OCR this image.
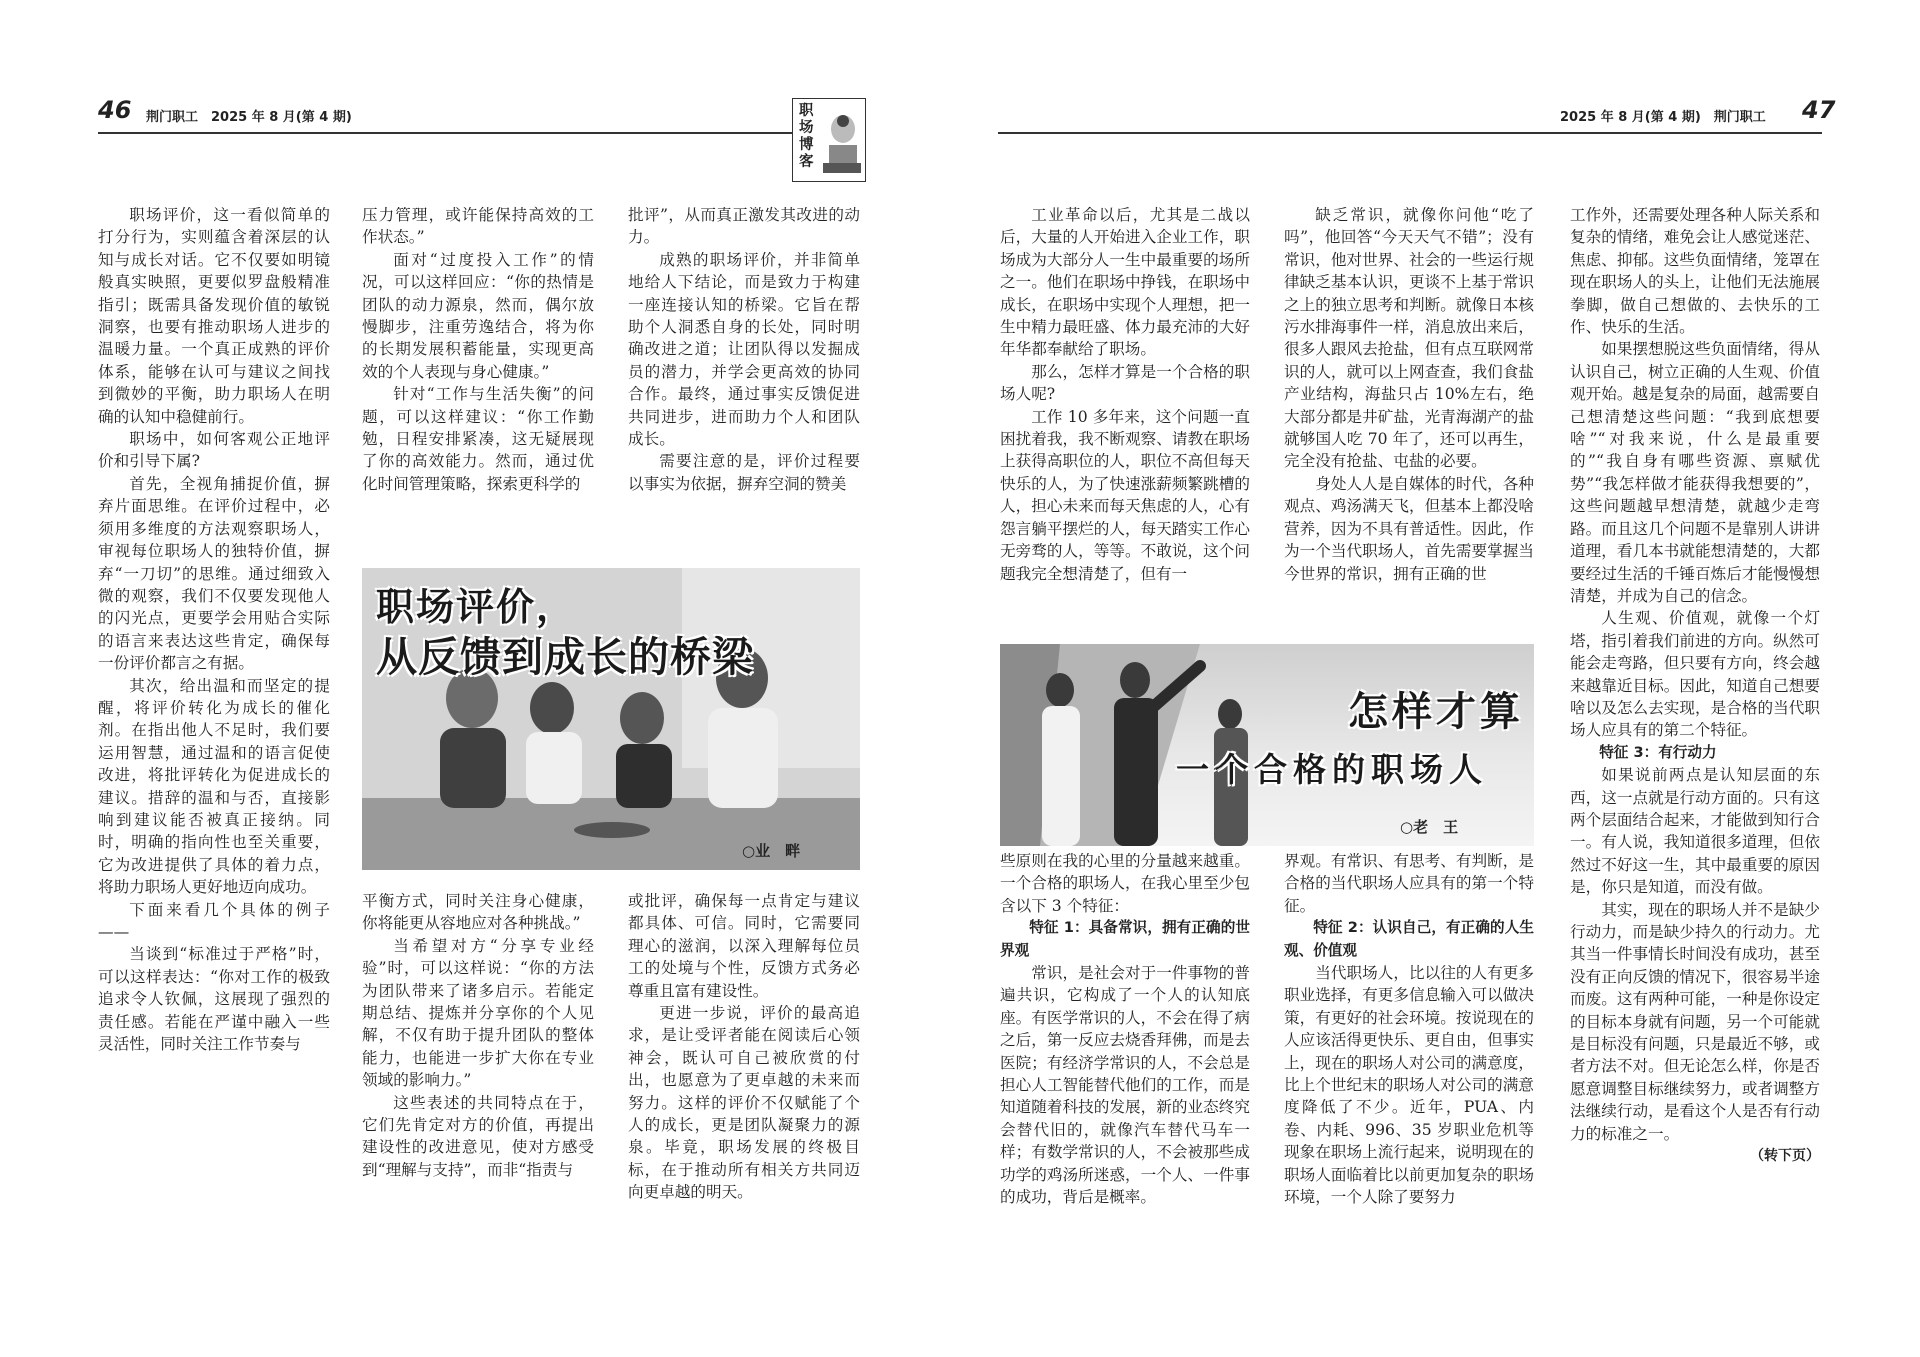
46 荆门职工　2025 年 8 月(第 4 期)	职场博客
2025 年 8 月(第 4 期)　荆门职工 47

职场评价，这一看似简单的打分行为，实则蕴含着深层的认知与成长对话。它不仅要如明镜般真实映照，更要似罗盘般精准指引；既需具备发现价值的敏锐洞察，也要有推动职场人进步的温暖力量。一个真正成熟的评价体系，能够在认可与建议之间找到微妙的平衡，助力职场人在明确的认知中稳健前行。

职场中，如何客观公正地评价和引导下属?

首先，全视角捕捉价值，摒弃片面思维。在评价过程中，必须用多维度的方法观察职场人，审视每位职场人的独特价值，摒弃“一刀切”的思维。通过细致入微的观察，我们不仅要发现他人的闪光点，更要学会用贴合实际的语言来表达这些肯定，确保每一份评价都言之有据。

其次，给出温和而坚定的提醒，将评价转化为成长的催化剂。在指出他人不足时，我们要运用智慧，通过温和的语言促使改进，将批评转化为促进成长的建议。措辞的温和与否，直接影响到建议能否被真正接纳。同时，明确的指向性也至关重要，它为改进提供了具体的着力点，将助力职场人更好地迈向成功。

下面来看几个具体的例子——

当谈到“标准过于严格”时，可以这样表达：“你对工作的极致追求令人钦佩，这展现了强烈的责任感。若能在严谨中融入一些灵活性，同时关注工作节奏与

压力管理，或许能保持高效的工作状态。”

面对“过度投入工作”的情况，可以这样回应：“你的热情是团队的动力源泉，然而，偶尔放慢脚步，注重劳逸结合，将为你的长期发展积蓄能量，实现更高效的个人表现与身心健康。”

针对“工作与生活失衡”的问题，可以这样建议：“你工作勤勉，日程安排紧凑，这无疑展现了你的高效能力。然而，通过优化时间管理策略，探索更科学的

批评”，从而真正激发其改进的动力。

成熟的职场评价，并非简单地给人下结论，而是致力于构建一座连接认知的桥梁。它旨在帮助个人洞悉自身的长处，同时明确改进之道；让团队得以发掘成员的潜力，并学会更高效的协同合作。最终，通过事实反馈促进共同进步，进而助力个人和团队成长。

需要注意的是，评价过程要以事实为依据，摒弃空洞的赞美

职场评价，
从反馈到成长的桥梁
○业　畔

平衡方式，同时关注身心健康，你将能更从容地应对各种挑战。”

当希望对方“分享专业经验”时，可以这样说：“你的方法为团队带来了诸多启示。若能定期总结、提炼并分享你的个人见解，不仅有助于提升团队的整体能力，也能进一步扩大你在专业领域的影响力。”

这些表述的共同特点在于，它们先肯定对方的价值，再提出建设性的改进意见，使对方感受到“理解与支持”，而非“指责与

或批评，确保每一点肯定与建议都具体、可信。同时，它需要同理心的滋润，以深入理解每位员工的处境与个性，反馈方式务必尊重且富有建设性。

更进一步说，评价的最高追求，是让受评者能在阅读后心领神会，既认可自己被欣赏的付出，也愿意为了更卓越的未来而努力。这样的评价不仅赋能了个人的成长，更是团队凝聚力的源泉。毕竟，职场发展的终极目标，在于推动所有相关方共同迈向更卓越的明天。

工业革命以后，尤其是二战以后，大量的人开始进入企业工作，职场成为大部分人一生中最重要的场所之一。他们在职场中挣钱，在职场中成长，在职场中实现个人理想，把一生中精力最旺盛、体力最充沛的大好年华都奉献给了职场。

那么，怎样才算是一个合格的职场人呢?

工作 10 多年来，这个问题一直困扰着我，我不断观察、请教在职场上获得高职位的人，职位不高但每天快乐的人，为了快速涨薪频繁跳槽的人，担心未来而每天焦虑的人，心有怨言躺平摆烂的人，每天踏实工作心无旁骛的人，等等。不敢说，这个问题我完全想清楚了，但有一

缺乏常识，就像你问他“吃了吗”，他回答“今天天气不错”；没有常识，他对世界、社会的一些运行规律缺乏基本认识，更谈不上基于常识之上的独立思考和判断。就像日本核污水排海事件一样，消息放出来后，很多人跟风去抢盐，但有点互联网常识的人，就可以上网查查，我们食盐产业结构，海盐只占 10%左右，绝大部分都是井矿盐，光青海湖产的盐就够国人吃 70 年了，还可以再生，完全没有抢盐、屯盐的必要。

身处人人是自媒体的时代，各种观点、鸡汤满天飞，但基本上都没啥营养，因为不具有普适性。因此，作为一个当代职场人，首先需要掌握当今世界的常识，拥有正确的世

工作外，还需要处理各种人际关系和复杂的情绪，难免会让人感觉迷茫、焦虑、抑郁。这些负面情绪，笼罩在现在职场人的头上，让他们无法施展拳脚，做自己想做的、去快乐的工作、快乐的生活。

如果摆想脱这些负面情绪，得从认识自己，树立正确的人生观、价值观开始。越是复杂的局面，越需要自己想清楚这些问题：“我到底想要啥”“对我来说，什么是最重要的”“我自身有哪些资源、禀赋优势”“我怎样做才能获得我想要的”，这些问题越早想清楚，就越少走弯路。而且这几个问题不是靠别人讲讲道理，看几本书就能想清楚的，大都要经过生活的千锤百炼后才能慢慢想清楚，并成为自己的信念。

人生观、价值观，就像一个灯塔，指引着我们前进的方向。纵然可能会走弯路，但只要有方向，终会越来越靠近目标。因此，知道自己想要啥以及怎么去实现，是合格的当代职场人应具有的第二个特征。

特征 3：有行动力

如果说前两点是认知层面的东西，这一点就是行动方面的。只有这两个层面结合起来，才能做到知行合一。有人说，我知道很多道理，但依然过不好这一生，其中最重要的原因是，你只是知道，而没有做。

其实，现在的职场人并不是缺少行动力，而是缺少持久的行动力。尤其当一件事情长时间没有成功，甚至没有正向反馈的情况下，很容易半途而废。这有两种可能，一种是你设定的目标本身就有问题，另一个可能就是目标没有问题，只是最近不够，或者方法不对。但无论怎么样，你是否愿意调整目标继续努力，或者调整方法继续行动，是看这个人是否有行动力的标准之一。

（转下页）

怎样才算
一个合格的职场人
○老　王

些原则在我的心里的分量越来越重。一个合格的职场人，在我心里至少包含以下 3 个特征：

特征 1：具备常识，拥有正确的世界观

常识，是社会对于一件事物的普遍共识，它构成了一个人的认知底座。有医学常识的人，不会在得了病之后，第一反应去烧香拜佛，而是去医院；有经济学常识的人，不会总是担心人工智能替代他们的工作，而是知道随着科技的发展，新的业态终究会替代旧的，就像汽车替代马车一样；有数学常识的人，不会被那些成功学的鸡汤所迷惑，一个人、一件事的成功，背后是概率。

界观。有常识、有思考、有判断，是合格的当代职场人应具有的第一个特征。

特征 2：认识自己，有正确的人生观、价值观

当代职场人，比以往的人有更多职业选择，有更多信息输入可以做决策，有更好的社会环境。按说现在的人应该活得更快乐、更自由，但事实上，现在的职场人对公司的满意度，比上个世纪末的职场人对公司的满意度降低了不少。近年，PUA、内卷、内耗、996、35 岁职业危机等现象在职场上流行起来，说明现在的职场人面临着比以前更加复杂的职场环境，一个人除了要努力
